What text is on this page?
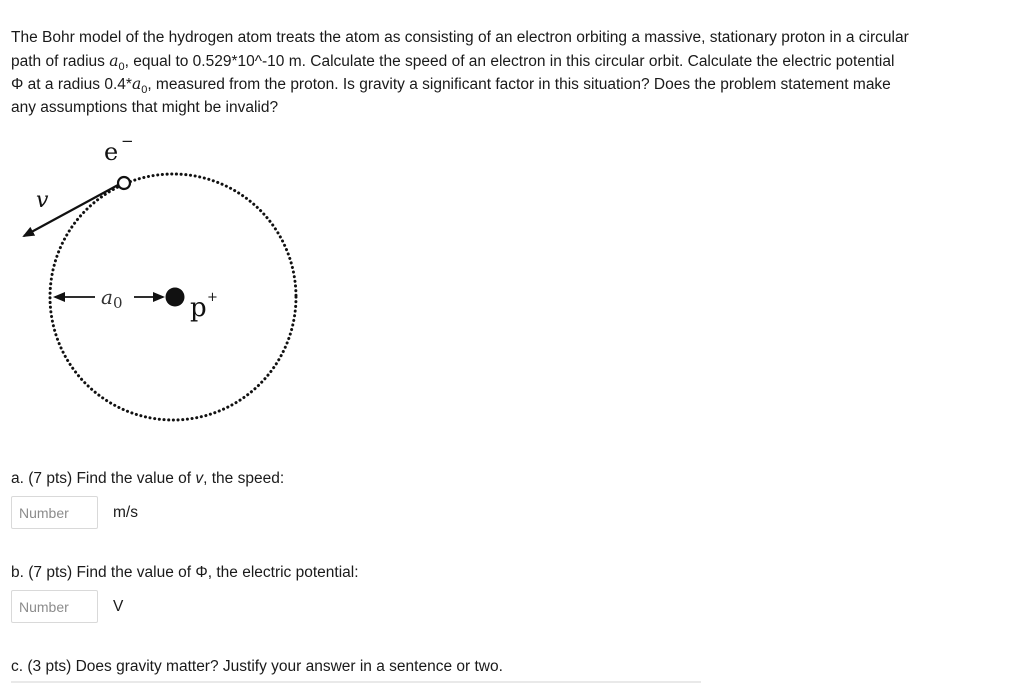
The Bohr model of the hydrogen atom treats the atom as consisting of an electron orbiting a massive, stationary proton in a circular
path of radius $a_0$, equal to 0.529*10^-10 m. Calculate the speed of an electron in this circular orbit. Calculate the electric potential
Φ at a radius $0.4*a_0$, measured from the proton. Is gravity a significant factor in this situation? Does the problem statement make
any assumptions that might be invalid?

e −
v
$a_0$	p +

a. (7 pts) Find the value of v, the speed:

Number
m/s

b. (7 pts) Find the value of Φ, the electric potential:

Number
V

c. (3 pts) Does gravity matter? Justify your answer in a sentence or two.
